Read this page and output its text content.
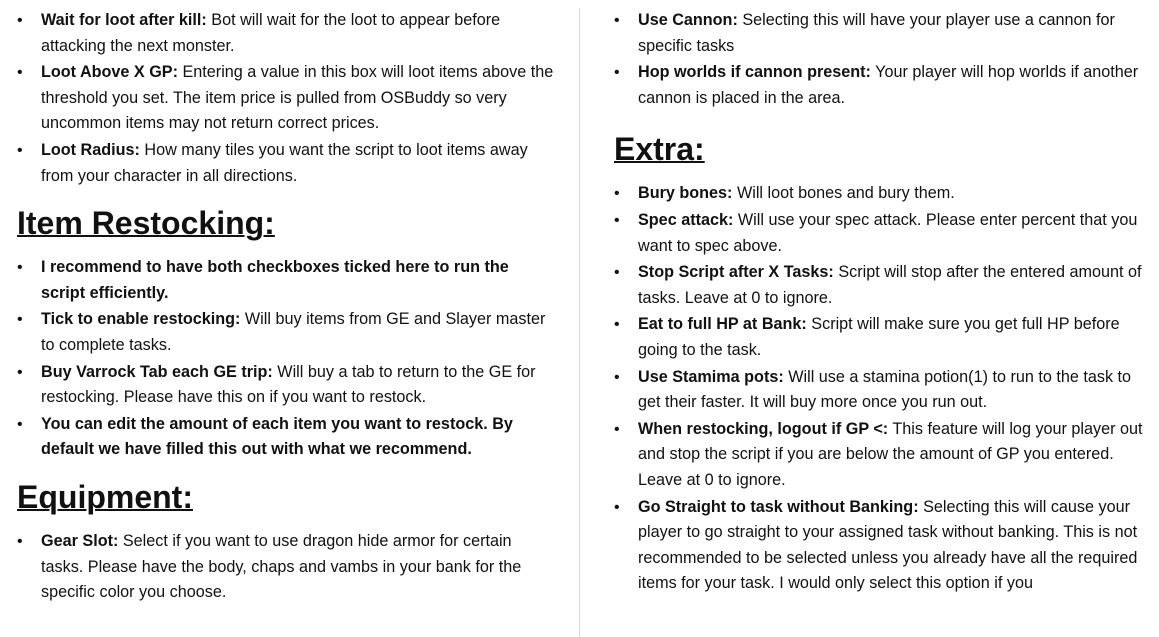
•	Wait for loot after kill: Bot will wait for the loot to appear before attacking the next monster.
•	Loot Above X GP: Entering a value in this box will loot items above the threshold you set. The item price is pulled from OSBuddy so very uncommon items may not return correct prices.
•	Loot Radius: How many tiles you want the script to loot items away from your character in all directions.
Item Restocking:
•	I recommend to have both checkboxes ticked here to run the script efficiently.
•	Tick to enable restocking: Will buy items from GE and Slayer master to complete tasks.
•	Buy Varrock Tab each GE trip: Will buy a tab to return to the GE for restocking. Please have this on if you want to restock.
•	You can edit the amount of each item you want to restock. By default we have filled this out with what we recommend.
Equipment:
•	Gear Slot: Select if you want to use dragon hide armor for certain tasks. Please have the body, chaps and vambs in your bank for the specific color you choose.
•	Use Cannon: Selecting this will have your player use a cannon for specific tasks
•	Hop worlds if cannon present: Your player will hop worlds if another cannon is placed in the area.
Extra:
•	Bury bones: Will loot bones and bury them.
•	Spec attack: Will use your spec attack. Please enter percent that you want to spec above.
•	Stop Script after X Tasks: Script will stop after the entered amount of tasks. Leave at 0 to ignore.
•	Eat to full HP at Bank: Script will make sure you get full HP before going to the task.
•	Use Stamima pots: Will use a stamina potion(1) to run to the task to get their faster. It will buy more once you run out.
•	When restocking, logout if GP <: This feature will log your player out and stop the script if you are below the amount of GP you entered. Leave at 0 to ignore.
•	Go Straight to task without Banking: Selecting this will cause your player to go straight to your assigned task without banking. This is not recommended to be selected unless you already have all the required items for your task. I would only select this option if you
